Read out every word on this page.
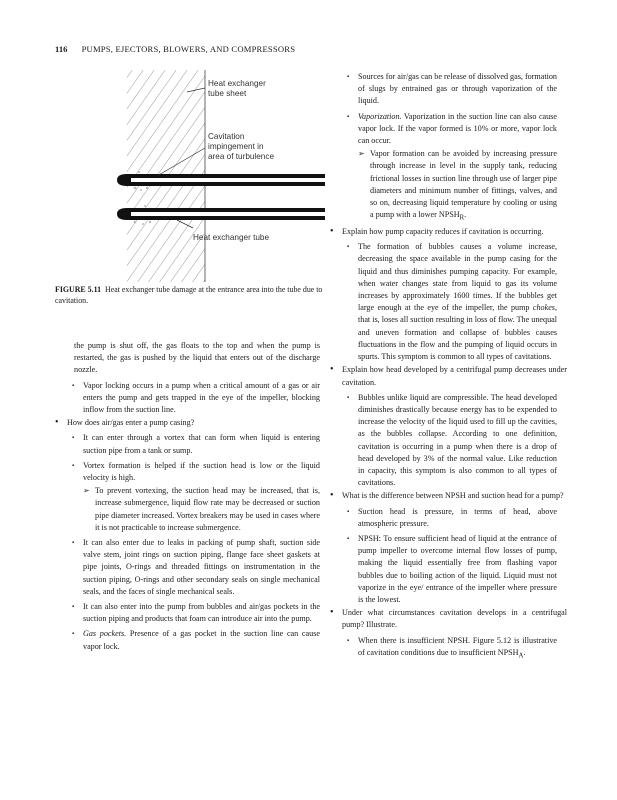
116 PUMPS, EJECTORS, BLOWERS, AND COMPRESSORS
Heat exchanger
tube sheet
Cavitation
impingement in
area of turbulence
Heat exchanger tube
FIGURE 5.11 Heat exchanger tube damage at the entrance area into the tube due to cavitation.
the pump is shut off, the gas floats to the top and when the pump is restarted, the gas is pushed by the liquid that enters out of the discharge nozzle.
▪
Vapor locking occurs in a pump when a critical amount of a gas or air enters the pump and gets trapped in the eye of the impeller, blocking inflow from the suction line.
•
How does air/gas enter a pump casing?
▪
It can enter through a vortex that can form when liquid is entering suction pipe from a tank or sump.
▪
Vortex formation is helped if the suction head is low or the liquid velocity is high.
➢
To prevent vortexing, the suction head may be increased, that is, increase submergence, liquid flow rate may be decreased or suction pipe diameter increased. Vortex breakers may be used in cases where it is not practicable to increase submergence.
▪
It can also enter due to leaks in packing of pump shaft, suction side valve stem, joint rings on suction piping, flange face sheet gaskets at pipe joints, O-rings and threaded fittings on instrumentation in the suction piping, O-rings and other secondary seals on single mechanical seals, and the faces of single mechanical seals.
▪
It can also enter into the pump from bubbles and air/gas pockets in the suction piping and products that foam can introduce air into the pump.
▪
Gas pockets. Presence of a gas pocket in the suction line can cause vapor lock.
▪
Sources for air/gas can be release of dissolved gas, formation of slugs by entrained gas or through vaporization of the liquid.
▪
Vaporization. Vaporization in the suction line can also cause vapor lock. If the vapor formed is 10% or more, vapor lock can occur.
➢
Vapor formation can be avoided by increasing pressure through increase in level in the supply tank, reducing frictional losses in suction line through use of larger pipe diameters and minimum number of fittings, valves, and so on, decreasing liquid temperature by cooling or using a pump with a lower $NPSH_R$.
•
Explain how pump capacity reduces if cavitation is occurring.
▪
The formation of bubbles causes a volume increase, decreasing the space available in the pump casing for the liquid and thus diminishes pumping capacity. For example, when water changes state from liquid to gas its volume increases by approximately 1600 times. If the bubbles get large enough at the eye of the impeller, the pump chokes, that is, loses all suction resulting in loss of flow. The unequal and uneven formation and collapse of bubbles causes fluctuations in the flow and the pumping of liquid occurs in spurts. This symptom is common to all types of cavitations.
•
Explain how head developed by a centrifugal pump decreases under cavitation.
▪
Bubbles unlike liquid are compressible. The head developed diminishes drastically because energy has to be expended to increase the velocity of the liquid used to fill up the cavities, as the bubbles collapse. According to one definition, cavitation is occurring in a pump when there is a drop of head developed by 3% of the normal value. Like reduction in capacity, this symptom is also common to all types of cavitations.
•
What is the difference between NPSH and suction head for a pump?
▪
Suction head is pressure, in terms of head, above atmospheric pressure.
▪
NPSH: To ensure sufficient head of liquid at the entrance of pump impeller to overcome internal flow losses of pump, making the liquid essentially free from flashing vapor bubbles due to boiling action of the liquid. Liquid must not vaporize in the eye/ entrance of the impeller where pressure is the lowest.
•
Under what circumstances cavitation develops in a centrifugal pump? Illustrate.
▪
When there is insufficient NPSH. Figure 5.12 is illustrative of cavitation conditions due to insufficient $NPSH_A$.
